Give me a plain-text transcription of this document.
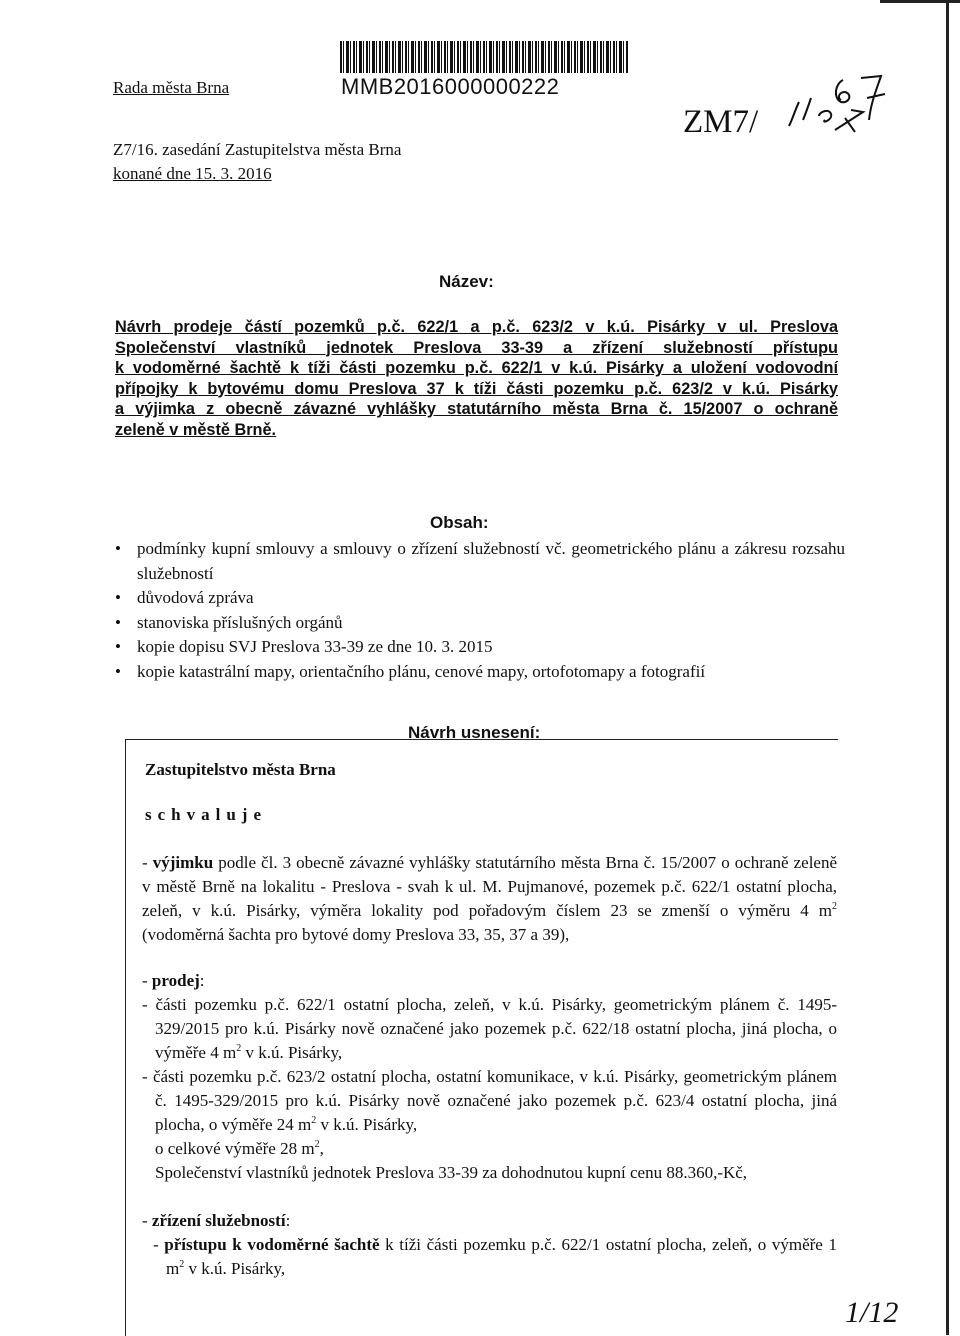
Rada města Brna	MMB2016000000222
Z7/16. zasedání Zastupitelstva města Brna
konané dne 15. 3. 2016
ZM7/
Název:
Návrh prodeje částí pozemků p.č. 622/1 a p.č. 623/2 v k.ú. Pisárky v ul. Preslova
Společenství vlastníků jednotek Preslova 33-39 a zřízení služebností přístupu
k vodoměrné šachtě k tíži části pozemku p.č. 622/1 v k.ú. Pisárky a uložení vodovodní
přípojky k bytovému domu Preslova 37 k tíži části pozemku p.č. 623/2 v k.ú. Pisárky
a výjimka z obecně závazné vyhlášky statutárního města Brna č. 15/2007 o ochraně
zeleně v městě Brně.
Obsah:
• podmínky kupní smlouvy a smlouvy o zřízení služebností vč. geometrického plánu a zákresu rozsahu služebností
• důvodová zpráva
• stanoviska příslušných orgánů
• kopie dopisu SVJ Preslova 33-39 ze dne 10. 3. 2015
• kopie katastrální mapy, orientačního plánu, cenové mapy, ortofotomapy a fotografií
Návrh usnesení:
Zastupitelstvo města Brna
schvaluje
- výjimku podle čl. 3 obecně závazné vyhlášky statutárního města Brna č. 15/2007 o ochraně zeleně v městě Brně na lokalitu - Preslova - svah k ul. M. Pujmanové, pozemek p.č. 622/1 ostatní plocha, zeleň, v k.ú. Pisárky, výměra lokality pod pořadovým číslem 23 se zmenší o výměru 4 $m^2$ (vodoměrná šachta pro bytové domy Preslova 33, 35, 37 a 39),
- prodej:
- části pozemku p.č. 622/1 ostatní plocha, zeleň, v k.ú. Pisárky, geometrickým plánem č. 1495-329/2015 pro k.ú. Pisárky nově označené jako pozemek p.č. 622/18 ostatní plocha, jiná plocha, o výměře 4 $m^2$ v k.ú. Pisárky,
- části pozemku p.č. 623/2 ostatní plocha, ostatní komunikace, v k.ú. Pisárky, geometrickým plánem č. 1495-329/2015 pro k.ú. Pisárky nově označené jako pozemek p.č. 623/4 ostatní plocha, jiná plocha, o výměře 24 $m^2$ v k.ú. Pisárky,
o celkové výměře 28 $m^2$,
Společenství vlastníků jednotek Preslova 33-39 za dohodnutou kupní cenu 88.360,-Kč,
- zřízení služebností:
- přístupu k vodoměrné šachtě k tíži části pozemku p.č. 622/1 ostatní plocha, zeleň, o výměře 1 $m^2$ v k.ú. Pisárky,
1/12
